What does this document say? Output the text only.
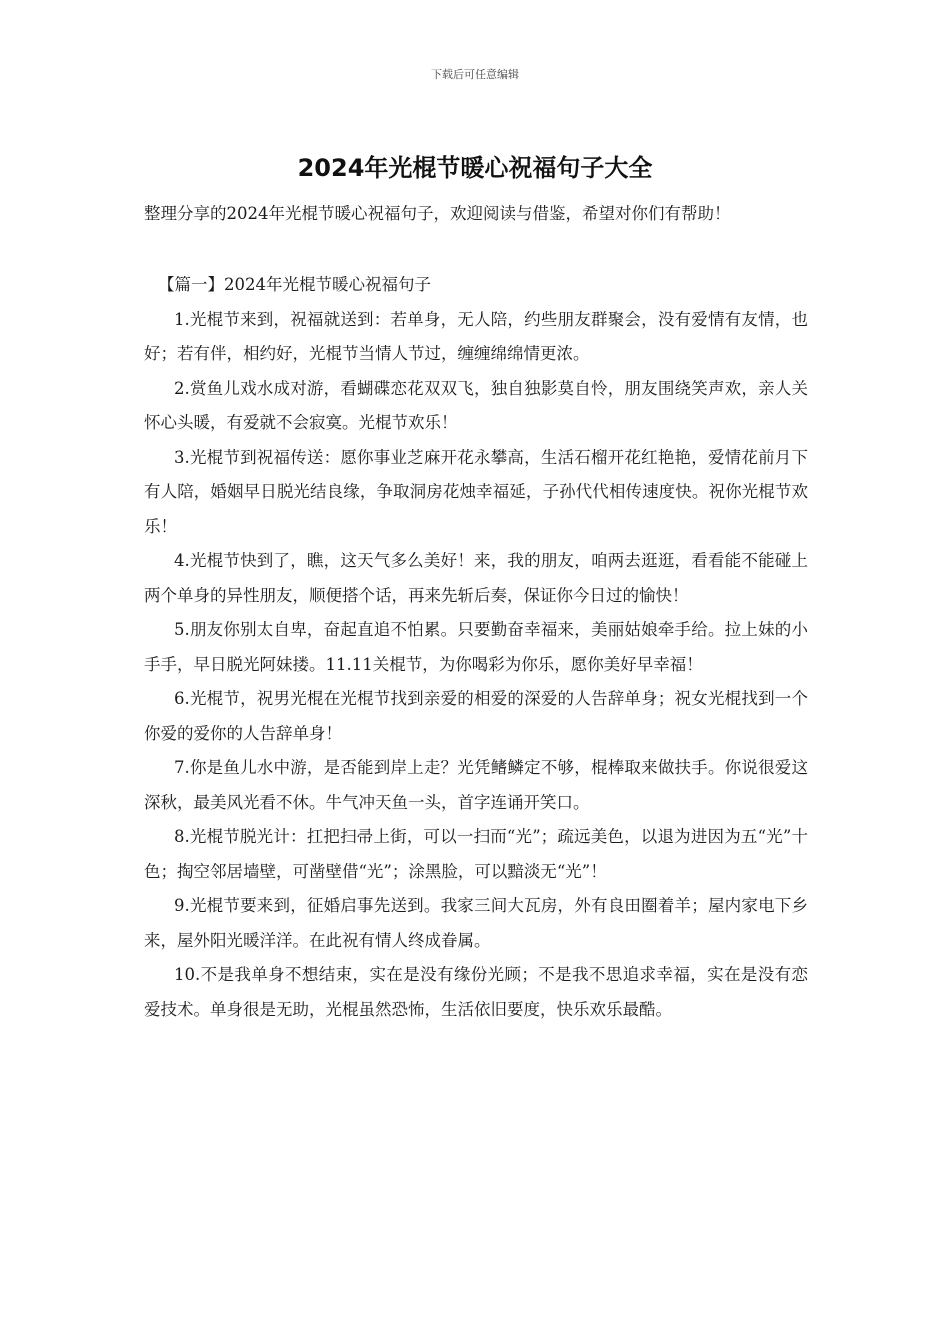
下载后可任意编辑
2024年光棍节暖心祝福句子大全
整理分享的2024年光棍节暖心祝福句子，欢迎阅读与借鉴，希望对你们有帮助！

【篇一】2024年光棍节暖心祝福句子

1.光棍节来到，祝福就送到：若单身，无人陪，约些朋友群聚会，没有爱情有友情，也好；若有伴，相约好，光棍节当情人节过，缠缠绵绵情更浓。

2.赏鱼儿戏水成对游，看蝴碟恋花双双飞，独自独影莫自怜，朋友围绕笑声欢，亲人关怀心头暖，有爱就不会寂寞。光棍节欢乐！

3.光棍节到祝福传送：愿你事业芝麻开花永攀高，生活石榴开花红艳艳，爱情花前月下有人陪，婚姻早日脱光结良缘，争取洞房花烛幸福延，子孙代代相传速度快。祝你光棍节欢乐！

4.光棍节快到了，瞧，这天气多么美好！来，我的朋友，咱两去逛逛，看看能不能碰上两个单身的异性朋友，顺便搭个话，再来先斩后奏，保证你今日过的愉快！

5.朋友你别太自卑，奋起直追不怕累。只要勤奋幸福来，美丽姑娘牵手给。拉上妹的小手手，早日脱光阿妹搂。11.11关棍节，为你喝彩为你乐，愿你美好早幸福！

6.光棍节，祝男光棍在光棍节找到亲爱的相爱的深爱的人告辞单身；祝女光棍找到一个你爱的爱你的人告辞单身！

7.你是鱼儿水中游，是否能到岸上走？光凭鳍鳞定不够，棍棒取来做扶手。你说很爱这深秋，最美风光看不休。牛气冲天鱼一头，首字连诵开笑口。

8.光棍节脱光计：扛把扫帚上街，可以一扫而“光”；疏远美色，以退为进因为五“光”十色；掏空邻居墙壁，可凿壁借“光”；涂黑脸，可以黯淡无“光”！

9.光棍节要来到，征婚启事先送到。我家三间大瓦房，外有良田圈着羊；屋内家电下乡来，屋外阳光暖洋洋。在此祝有情人终成眷属。

10.不是我单身不想结束，实在是没有缘份光顾；不是我不思追求幸福，实在是没有恋爱技术。单身很是无助，光棍虽然恐怖，生活依旧要度，快乐欢乐最酷。
